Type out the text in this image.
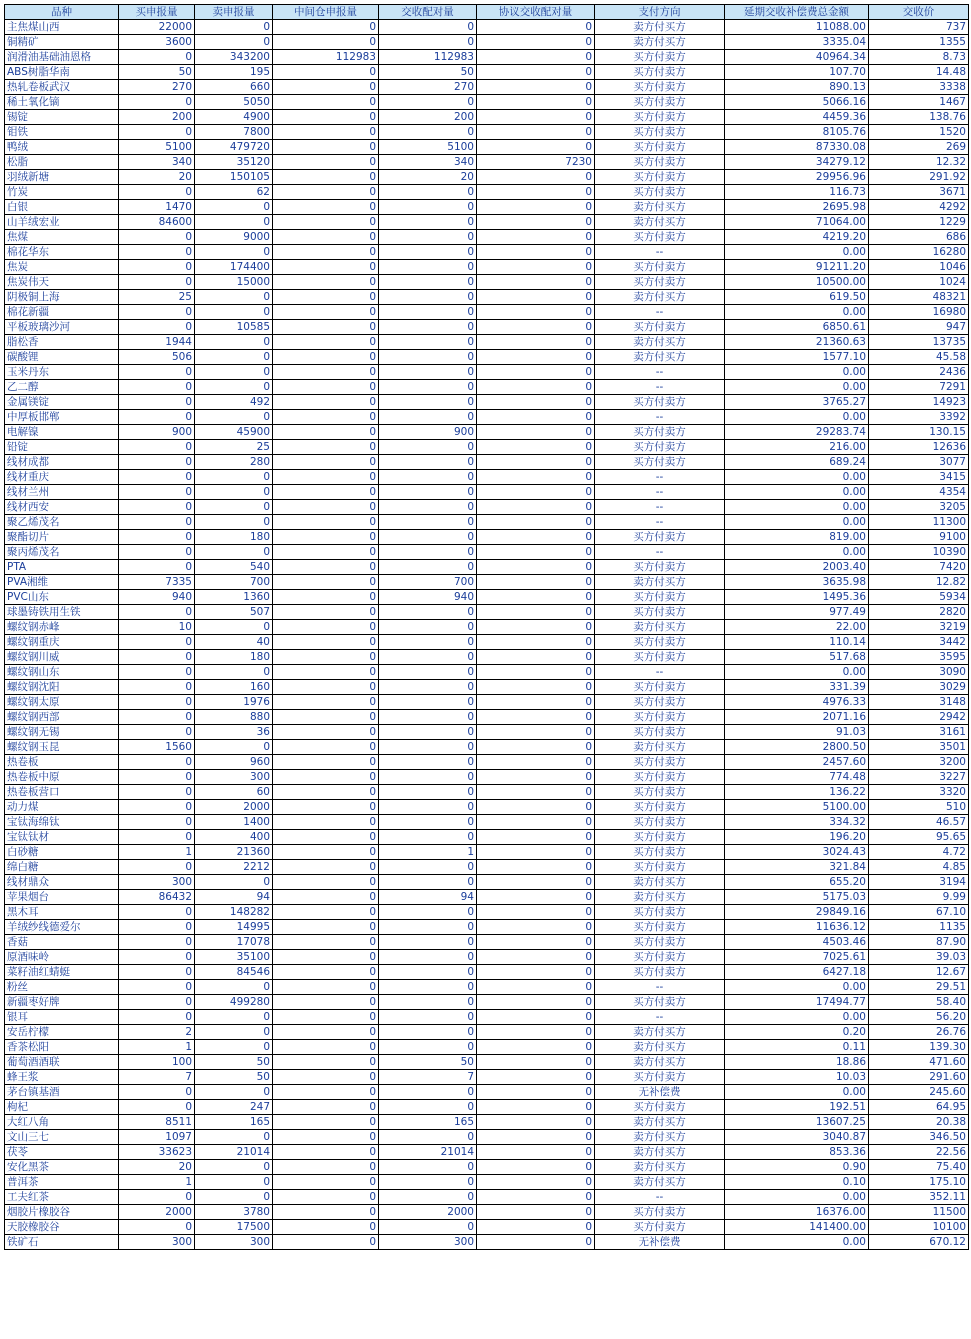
品种	买申报量	卖申报量	中间仓申报量	交收配对量	协议交收配对量	支付方向	延期交收补偿费总金额	交收价
主焦煤山西	22000	0	0	0	0	卖方付买方	11088.00	737
铜精矿	3600	0	0	0	0	卖方付买方	3335.04	1355
润滑油基础油恩格	0	343200	112983	112983	0	买方付卖方	40964.34	8.73
ABS树脂华南	50	195	0	50	0	买方付卖方	107.70	14.48
热轧卷板武汉	270	660	0	270	0	买方付卖方	890.13	3338
稀土氧化镝	0	5050	0	0	0	买方付卖方	5066.16	1467
锡锭	200	4900	0	200	0	买方付卖方	4459.36	138.76
钼铁	0	7800	0	0	0	买方付卖方	8105.76	1520
鸭绒	5100	479720	0	5100	0	买方付卖方	87330.08	269
松脂	340	35120	0	340	7230	买方付卖方	34279.12	12.32
羽绒新塘	20	150105	0	20	0	买方付卖方	29956.96	291.92
竹炭	0	62	0	0	0	买方付卖方	116.73	3671
白银	1470	0	0	0	0	卖方付买方	2695.98	4292
山羊绒宏业	84600	0	0	0	0	卖方付买方	71064.00	1229
焦煤	0	9000	0	0	0	买方付卖方	4219.20	686
棉花华东	0	0	0	0	0	--	0.00	16280
焦炭	0	174400	0	0	0	买方付卖方	91211.20	1046
焦炭伟天	0	15000	0	0	0	买方付卖方	10500.00	1024
阴极铜上海	25	0	0	0	0	卖方付买方	619.50	48321
棉花新疆	0	0	0	0	0	--	0.00	16980
平板玻璃沙河	0	10585	0	0	0	买方付卖方	6850.61	947
脂松香	1944	0	0	0	0	卖方付买方	21360.63	13735
碳酸锂	506	0	0	0	0	卖方付买方	1577.10	45.58
玉米丹东	0	0	0	0	0	--	0.00	2436
乙二醇	0	0	0	0	0	--	0.00	7291
金属镁锭	0	492	0	0	0	买方付卖方	3765.27	14923
中厚板邯郸	0	0	0	0	0	--	0.00	3392
电解镍	900	45900	0	900	0	买方付卖方	29283.74	130.15
铅锭	0	25	0	0	0	买方付卖方	216.00	12636
线材成都	0	280	0	0	0	买方付卖方	689.24	3077
线材重庆	0	0	0	0	0	--	0.00	3415
线材兰州	0	0	0	0	0	--	0.00	4354
线材西安	0	0	0	0	0	--	0.00	3205
聚乙烯茂名	0	0	0	0	0	--	0.00	11300
聚酯切片	0	180	0	0	0	买方付卖方	819.00	9100
聚丙烯茂名	0	0	0	0	0	--	0.00	10390
PTA	0	540	0	0	0	买方付卖方	2003.40	7420
PVA湘维	7335	700	0	700	0	卖方付买方	3635.98	12.82
PVC山东	940	1360	0	940	0	买方付卖方	1495.36	5934
球墨铸铁用生铁	0	507	0	0	0	买方付卖方	977.49	2820
螺纹钢赤峰	10	0	0	0	0	卖方付买方	22.00	3219
螺纹钢重庆	0	40	0	0	0	买方付卖方	110.14	3442
螺纹钢川威	0	180	0	0	0	买方付卖方	517.68	3595
螺纹钢山东	0	0	0	0	0	--	0.00	3090
螺纹钢沈阳	0	160	0	0	0	买方付卖方	331.39	3029
螺纹钢太原	0	1976	0	0	0	买方付卖方	4976.33	3148
螺纹钢西部	0	880	0	0	0	买方付卖方	2071.16	2942
螺纹钢无锡	0	36	0	0	0	买方付卖方	91.03	3161
螺纹钢玉昆	1560	0	0	0	0	卖方付买方	2800.50	3501
热卷板	0	960	0	0	0	买方付卖方	2457.60	3200
热卷板中原	0	300	0	0	0	买方付卖方	774.48	3227
热卷板营口	0	60	0	0	0	买方付卖方	136.22	3320
动力煤	0	2000	0	0	0	买方付卖方	5100.00	510
宝钛海绵钛	0	1400	0	0	0	买方付卖方	334.32	46.57
宝钛钛材	0	400	0	0	0	买方付卖方	196.20	95.65
白砂糖	1	21360	0	1	0	买方付卖方	3024.43	4.72
绵白糖	0	2212	0	0	0	买方付卖方	321.84	4.85
线材鼎众	300	0	0	0	0	卖方付买方	655.20	3194
苹果烟台	86432	94	0	94	0	卖方付买方	5175.03	9.99
黑木耳	0	148282	0	0	0	买方付卖方	29849.16	67.10
羊绒纱线德爱尔	0	14995	0	0	0	买方付卖方	11636.12	1135
香菇	0	17078	0	0	0	买方付卖方	4503.46	87.90
原酒味岭	0	35100	0	0	0	买方付卖方	7025.61	39.03
菜籽油红蜻蜓	0	84546	0	0	0	买方付卖方	6427.18	12.67
粉丝	0	0	0	0	0	--	0.00	29.51
新疆枣好牌	0	499280	0	0	0	买方付卖方	17494.77	58.40
银耳	0	0	0	0	0	--	0.00	56.20
安岳柠檬	2	0	0	0	0	卖方付买方	0.20	26.76
香茶松阳	1	0	0	0	0	卖方付买方	0.11	139.30
葡萄酒酒联	100	50	0	50	0	卖方付买方	18.86	471.60
蜂王浆	7	50	0	7	0	买方付卖方	10.03	291.60
茅台镇基酒	0	0	0	0	0	无补偿费	0.00	245.60
枸杞	0	247	0	0	0	买方付卖方	192.51	64.95
大红八角	8511	165	0	165	0	卖方付买方	13607.25	20.38
文山三七	1097	0	0	0	0	卖方付买方	3040.87	346.50
茯苓	33623	21014	0	21014	0	卖方付买方	853.36	22.56
安化黑茶	20	0	0	0	0	卖方付买方	0.90	75.40
普洱茶	1	0	0	0	0	卖方付买方	0.10	175.10
工夫红茶	0	0	0	0	0	--	0.00	352.11
烟胶片橡胶谷	2000	3780	0	2000	0	买方付卖方	16376.00	11500
天胶橡胶谷	0	17500	0	0	0	买方付卖方	141400.00	10100
铁矿石	300	300	0	300	0	无补偿费	0.00	670.12
